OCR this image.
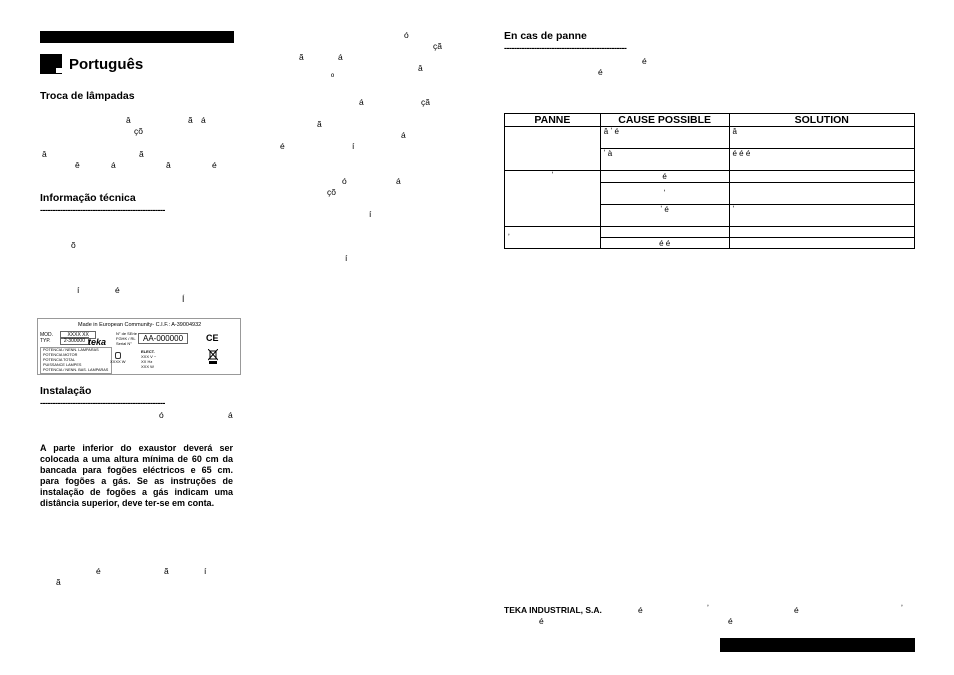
Português
Troca de lâmpadas
â	ã á
çõ
â	ã
ê	á	â	é
Informação técnica
--------------------------------------------------
õ
í	é
Í
Made in European Community- C.I.F.: A-39004932
MOD.	XXXX XX
TYP.	2-300000
N° de SErie
FGHK / RL
Serial N°
AA-000000	CE
teka
POTENCIA / NENN. LAMPARAS
POTENCIA MOTOR
POTENCIA TOTAL
PUISSANCE LAMPES
POTENCIA / NENN. BAS. LAMPARAS
XXXX W
ELECT.
XXX V ~
XX Hz
XXX W
Instalação
--------------------------------------------------
ó	á
A parte inferior do exaustor deverá ser colocada a uma altura mínima de 60 cm da bancada para fogões eléctricos e 65 cm. para fogões a gás. Se as instruções de instalação de fogões a gás indicam uma distância superior, deve ter-se em conta.
é	ã	í
ã
ó
çã
ã	á
â
º
á	çã
ã
á
é	í
ó	á
çõ
í
í
En cas de panne
-------------------------------------------------
é
é
PANNE	CAUSE POSSIBLE	SOLUTION
	â ʼ é	â
	ʼ à	é é é
ʼ	é	
	ʼ	
	ʼ é	ʼ
ʼ		
	é é	
TEKA INDUSTRIAL, S.A.	é	ʼ	é	ʼ
é	é
